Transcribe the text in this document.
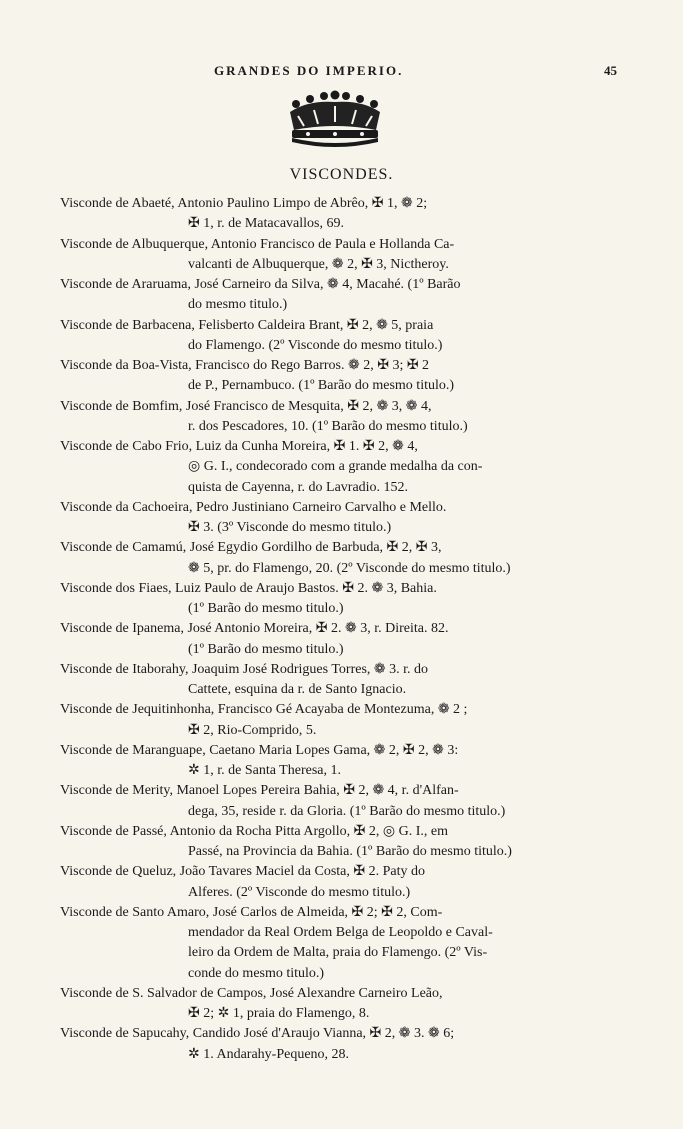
GRANDES DO IMPERIO.	45
VISCONDES.
Visconde de Abaeté, Antonio Paulino Limpo de Abrêo, ✠ 1, ❁ 2;
✠ 1, r. de Matacavallos, 69.
Visconde de Albuquerque, Antonio Francisco de Paula e Hollanda Ca-
valcanti de Albuquerque, ❁ 2, ✠ 3, Nictheroy.
Visconde de Araruama, José Carneiro da Silva, ❁ 4, Macahé. (1º Barão
do mesmo titulo.)
Visconde de Barbacena, Felisberto Caldeira Brant, ✠ 2, ❁ 5, praia
do Flamengo. (2º Visconde do mesmo titulo.)
Visconde da Boa-Vista, Francisco do Rego Barros. ❁ 2, ✠ 3; ✠ 2
de P., Pernambuco. (1º Barão do mesmo titulo.)
Visconde de Bomfim, José Francisco de Mesquita, ✠ 2, ❁ 3, ❁ 4,
r. dos Pescadores, 10. (1º Barão do mesmo titulo.)
Visconde de Cabo Frio, Luiz da Cunha Moreira, ✠ 1. ✠ 2, ❁ 4,
◎ G. I., condecorado com a grande medalha da con-
quista de Cayenna, r. do Lavradio. 152.
Visconde da Cachoeira, Pedro Justiniano Carneiro Carvalho e Mello.
✠ 3. (3º Visconde do mesmo titulo.)
Visconde de Camamú, José Egydio Gordilho de Barbuda, ✠ 2, ✠ 3,
❁ 5, pr. do Flamengo, 20. (2º Visconde do mesmo titulo.)
Visconde dos Fiaes, Luiz Paulo de Araujo Bastos. ✠ 2. ❁ 3, Bahia.
(1º Barão do mesmo titulo.)
Visconde de Ipanema, José Antonio Moreira, ✠ 2. ❁ 3, r. Direita. 82.
(1º Barão do mesmo titulo.)
Visconde de Itaborahy, Joaquim José Rodrigues Torres, ❁ 3. r. do
Cattete, esquina da r. de Santo Ignacio.
Visconde de Jequitinhonha, Francisco Gé Acayaba de Montezuma, ❁ 2 ;
✠ 2, Rio-Comprido, 5.
Visconde de Maranguape, Caetano Maria Lopes Gama, ❁ 2, ✠ 2, ❁ 3:
✲ 1, r. de Santa Theresa, 1.
Visconde de Merity, Manoel Lopes Pereira Bahia, ✠ 2, ❁ 4, r. d'Alfan-
dega, 35, reside r. da Gloria. (1º Barão do mesmo titulo.)
Visconde de Passé, Antonio da Rocha Pitta Argollo, ✠ 2, ◎ G. I., em
Passé, na Provincia da Bahia. (1º Barão do mesmo titulo.)
Visconde de Queluz, João Tavares Maciel da Costa, ✠ 2. Paty do
Alferes. (2º Visconde do mesmo titulo.)
Visconde de Santo Amaro, José Carlos de Almeida, ✠ 2; ✠ 2, Com-
mendador da Real Ordem Belga de Leopoldo e Caval-
leiro da Ordem de Malta, praia do Flamengo. (2º Vis-
conde do mesmo titulo.)
Visconde de S. Salvador de Campos, José Alexandre Carneiro Leão,
✠ 2; ✲ 1, praia do Flamengo, 8.
Visconde de Sapucahy, Candido José d'Araujo Vianna, ✠ 2, ❁ 3. ❁ 6;
✲ 1. Andarahy-Pequeno, 28.
